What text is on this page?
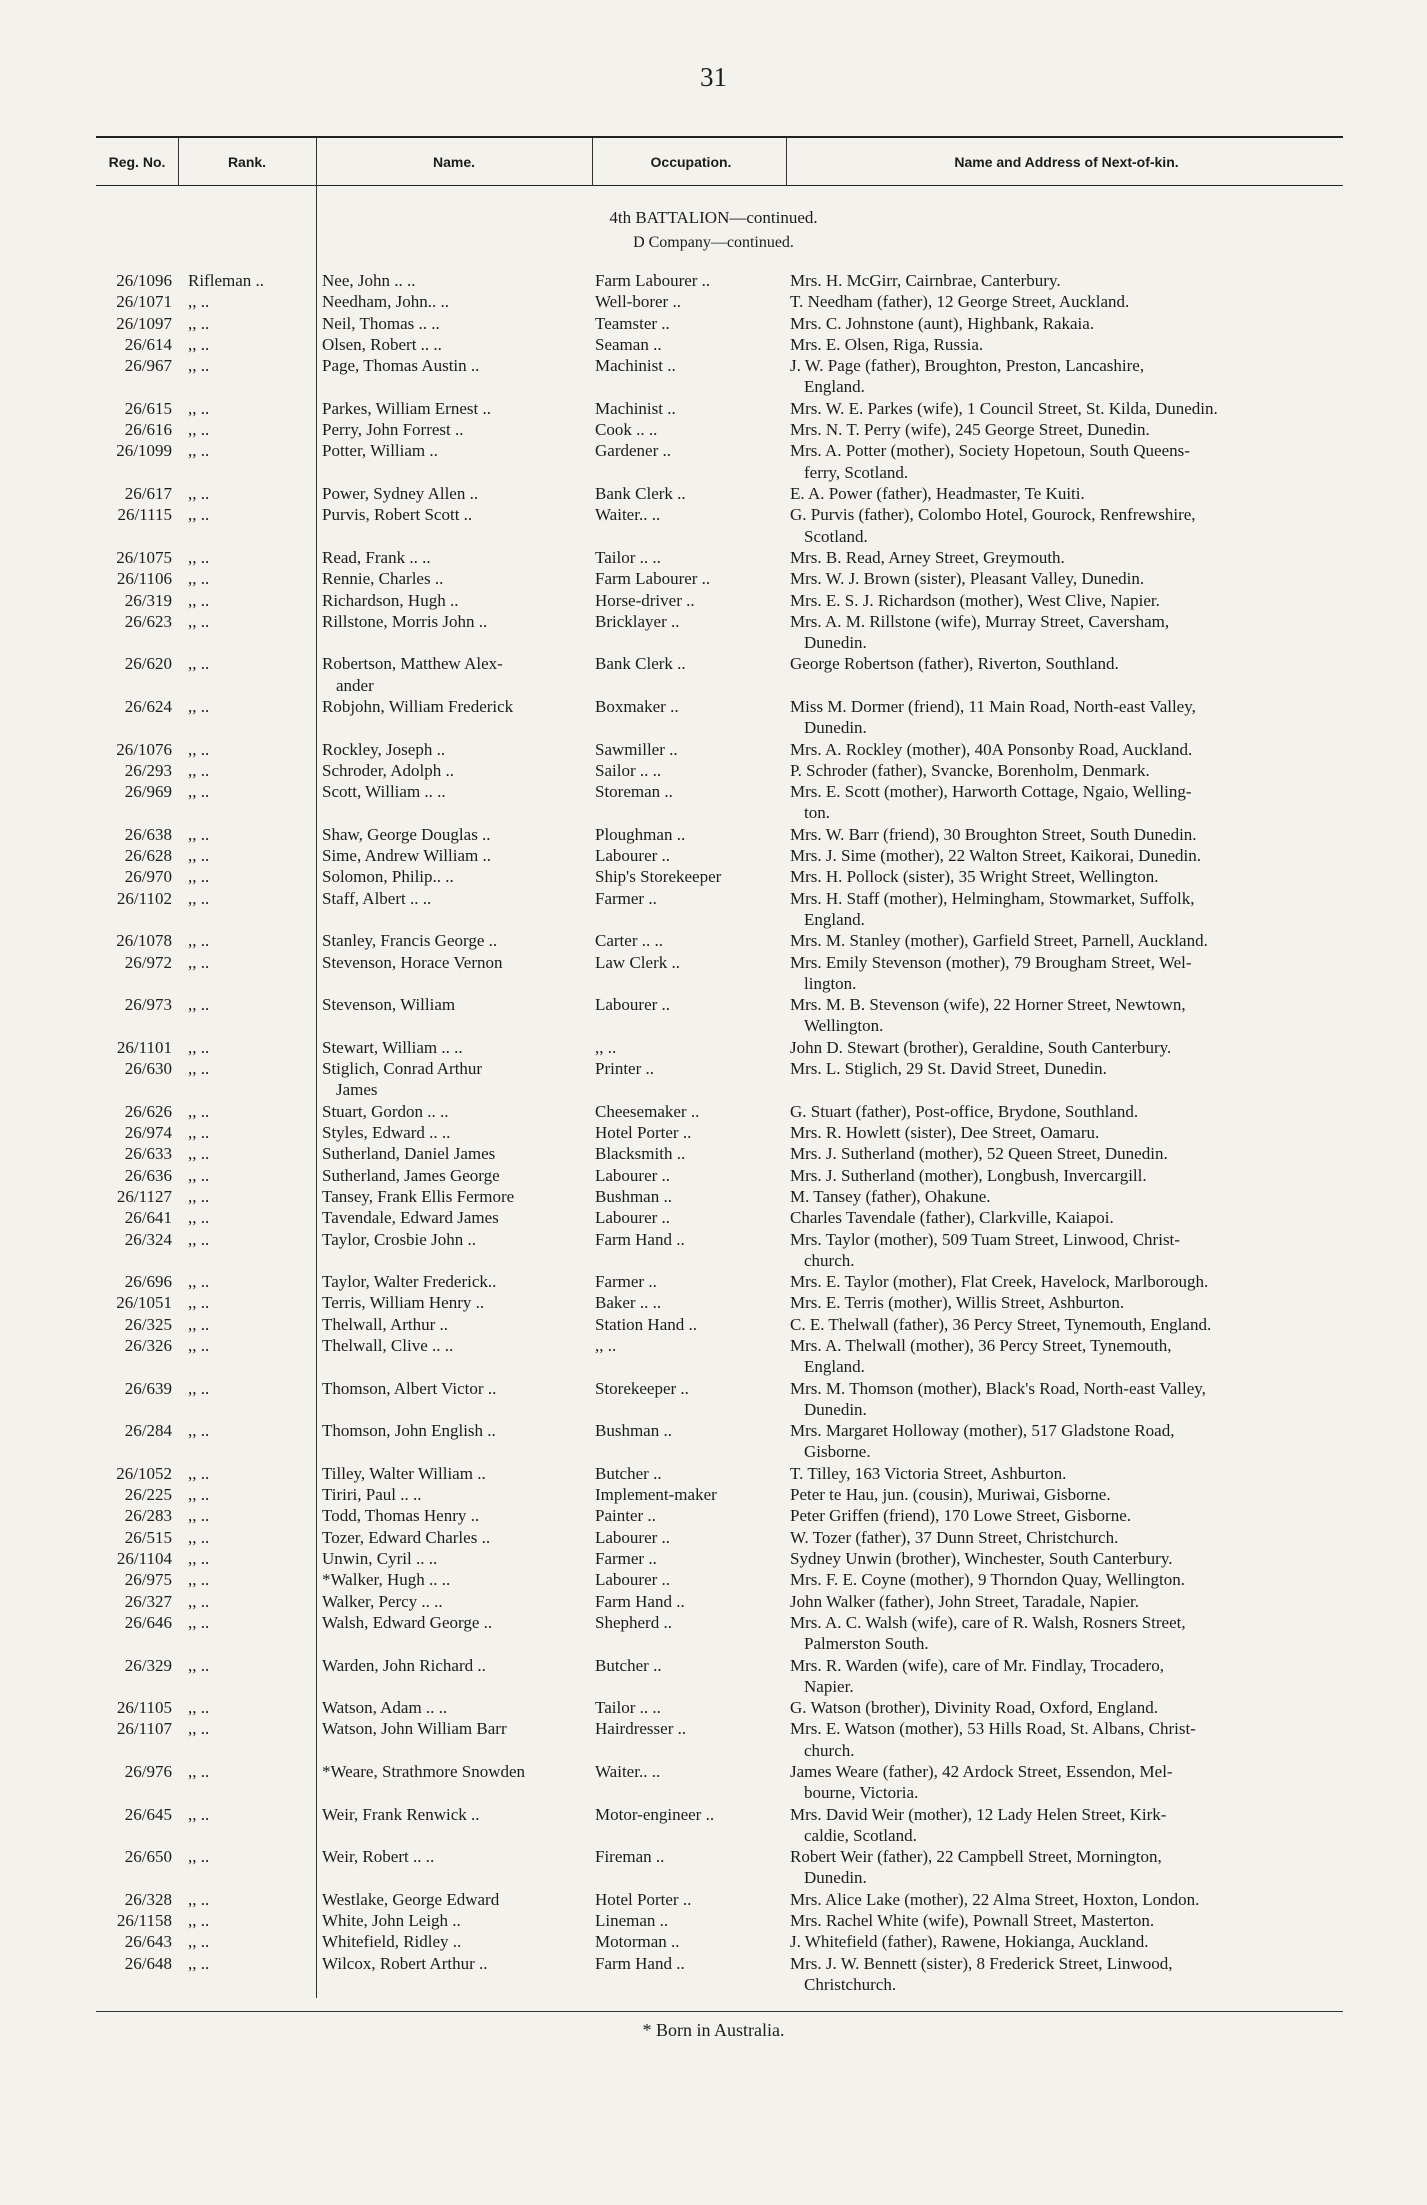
31
Reg. No.	Rank.	Name.	Occupation.	Name and Address of Next-of-kin.
4th BATTALION—continued.
D Company—continued.
26/1096 Rifleman ..	Nee, John .. ..	Farm Labourer ..	Mrs. H. McGirr, Cairnbrae, Canterbury.
26/1071 ,, ..	Needham, John.. ..	Well-borer ..	T. Needham (father), 12 George Street, Auckland.
26/1097 ,, ..	Neil, Thomas .. ..	Teamster ..	Mrs. C. Johnstone (aunt), Highbank, Rakaia.
26/614 ,, ..	Olsen, Robert .. ..	Seaman ..	Mrs. E. Olsen, Riga, Russia.
26/967 ,, ..	Page, Thomas Austin ..	Machinist ..	J. W. Page (father), Broughton, Preston, Lancashire,
England.
26/615 ,, ..	Parkes, William Ernest ..	Machinist ..	Mrs. W. E. Parkes (wife), 1 Council Street, St. Kilda, Dunedin.
26/616 ,, ..	Perry, John Forrest ..	Cook .. ..	Mrs. N. T. Perry (wife), 245 George Street, Dunedin.
26/1099 ,, ..	Potter, William ..	Gardener ..	Mrs. A. Potter (mother), Society Hopetoun, South Queens-
ferry, Scotland.
26/617 ,, ..	Power, Sydney Allen ..	Bank Clerk ..	E. A. Power (father), Headmaster, Te Kuiti.
26/1115 ,, ..	Purvis, Robert Scott ..	Waiter.. ..	G. Purvis (father), Colombo Hotel, Gourock, Renfrewshire,
Scotland.
26/1075 ,, ..	Read, Frank .. ..	Tailor .. ..	Mrs. B. Read, Arney Street, Greymouth.
26/1106 ,, ..	Rennie, Charles ..	Farm Labourer ..	Mrs. W. J. Brown (sister), Pleasant Valley, Dunedin.
26/319 ,, ..	Richardson, Hugh ..	Horse-driver ..	Mrs. E. S. J. Richardson (mother), West Clive, Napier.
26/623 ,, ..	Rillstone, Morris John ..	Bricklayer ..	Mrs. A. M. Rillstone (wife), Murray Street, Caversham,
Dunedin.
26/620 ,, ..	Robertson, Matthew Alex-
ander
Bank Clerk ..	George Robertson (father), Riverton, Southland.
26/624 ,, ..	Robjohn, William Frederick	Boxmaker ..	Miss M. Dormer (friend), 11 Main Road, North-east Valley,
Dunedin.
26/1076 ,, ..	Rockley, Joseph ..	Sawmiller ..	Mrs. A. Rockley (mother), 40A Ponsonby Road, Auckland.
26/293 ,, ..	Schroder, Adolph ..	Sailor .. ..	P. Schroder (father), Svancke, Borenholm, Denmark.
26/969 ,, ..	Scott, William .. ..	Storeman ..	Mrs. E. Scott (mother), Harworth Cottage, Ngaio, Welling-
ton.
26/638 ,, ..	Shaw, George Douglas ..	Ploughman ..	Mrs. W. Barr (friend), 30 Broughton Street, South Dunedin.
26/628 ,, ..	Sime, Andrew William ..	Labourer ..	Mrs. J. Sime (mother), 22 Walton Street, Kaikorai, Dunedin.
26/970 ,, ..	Solomon, Philip.. ..	Ship's Storekeeper	Mrs. H. Pollock (sister), 35 Wright Street, Wellington.
26/1102 ,, ..	Staff, Albert .. ..	Farmer ..	Mrs. H. Staff (mother), Helmingham, Stowmarket, Suffolk,
England.
26/1078 ,, ..	Stanley, Francis George ..	Carter .. ..	Mrs. M. Stanley (mother), Garfield Street, Parnell, Auckland.
26/972 ,, ..	Stevenson, Horace Vernon	Law Clerk ..	Mrs. Emily Stevenson (mother), 79 Brougham Street, Wel-
lington.
26/973 ,, ..	Stevenson, William	Labourer ..	Mrs. M. B. Stevenson (wife), 22 Horner Street, Newtown,
Wellington.
26/1101 ,, ..	Stewart, William .. ..	,, ..	John D. Stewart (brother), Geraldine, South Canterbury.
26/630 ,, ..	Stiglich, Conrad Arthur
James
Printer ..	Mrs. L. Stiglich, 29 St. David Street, Dunedin.
26/626 ,, ..	Stuart, Gordon .. ..	Cheesemaker ..	G. Stuart (father), Post-office, Brydone, Southland.
26/974 ,, ..	Styles, Edward .. ..	Hotel Porter ..	Mrs. R. Howlett (sister), Dee Street, Oamaru.
26/633 ,, ..	Sutherland, Daniel James	Blacksmith ..	Mrs. J. Sutherland (mother), 52 Queen Street, Dunedin.
26/636 ,, ..	Sutherland, James George	Labourer ..	Mrs. J. Sutherland (mother), Longbush, Invercargill.
26/1127 ,, ..	Tansey, Frank Ellis Fermore	Bushman ..	M. Tansey (father), Ohakune.
26/641 ,, ..	Tavendale, Edward James	Labourer ..	Charles Tavendale (father), Clarkville, Kaiapoi.
26/324 ,, ..	Taylor, Crosbie John ..	Farm Hand ..	Mrs. Taylor (mother), 509 Tuam Street, Linwood, Christ-
church.
26/696 ,, ..	Taylor, Walter Frederick..	Farmer ..	Mrs. E. Taylor (mother), Flat Creek, Havelock, Marlborough.
26/1051 ,, ..	Terris, William Henry ..	Baker .. ..	Mrs. E. Terris (mother), Willis Street, Ashburton.
26/325 ,, ..	Thelwall, Arthur ..	Station Hand ..	C. E. Thelwall (father), 36 Percy Street, Tynemouth, England.
26/326 ,, ..	Thelwall, Clive .. ..	,, ..	Mrs. A. Thelwall (mother), 36 Percy Street, Tynemouth,
England.
26/639 ,, ..	Thomson, Albert Victor ..	Storekeeper ..	Mrs. M. Thomson (mother), Black's Road, North-east Valley,
Dunedin.
26/284 ,, ..	Thomson, John English ..	Bushman ..	Mrs. Margaret Holloway (mother), 517 Gladstone Road,
Gisborne.
26/1052 ,, ..	Tilley, Walter William ..	Butcher ..	T. Tilley, 163 Victoria Street, Ashburton.
26/225 ,, ..	Tiriri, Paul .. ..	Implement-maker	Peter te Hau, jun. (cousin), Muriwai, Gisborne.
26/283 ,, ..	Todd, Thomas Henry ..	Painter ..	Peter Griffen (friend), 170 Lowe Street, Gisborne.
26/515 ,, ..	Tozer, Edward Charles ..	Labourer ..	W. Tozer (father), 37 Dunn Street, Christchurch.
26/1104 ,, ..	Unwin, Cyril .. ..	Farmer ..	Sydney Unwin (brother), Winchester, South Canterbury.
26/975 ,, ..	*Walker, Hugh .. ..	Labourer ..	Mrs. F. E. Coyne (mother), 9 Thorndon Quay, Wellington.
26/327 ,, ..	Walker, Percy .. ..	Farm Hand ..	John Walker (father), John Street, Taradale, Napier.
26/646 ,, ..	Walsh, Edward George ..	Shepherd ..	Mrs. A. C. Walsh (wife), care of R. Walsh, Rosners Street,
Palmerston South.
26/329 ,, ..	Warden, John Richard ..	Butcher ..	Mrs. R. Warden (wife), care of Mr. Findlay, Trocadero,
Napier.
26/1105 ,, ..	Watson, Adam .. ..	Tailor .. ..	G. Watson (brother), Divinity Road, Oxford, England.
26/1107 ,, ..	Watson, John William Barr	Hairdresser ..	Mrs. E. Watson (mother), 53 Hills Road, St. Albans, Christ-
church.
26/976 ,, ..	*Weare, Strathmore Snowden	Waiter.. ..	James Weare (father), 42 Ardock Street, Essendon, Mel-
bourne, Victoria.
26/645 ,, ..	Weir, Frank Renwick ..	Motor-engineer ..	Mrs. David Weir (mother), 12 Lady Helen Street, Kirk-
caldie, Scotland.
26/650 ,, ..	Weir, Robert .. ..	Fireman ..	Robert Weir (father), 22 Campbell Street, Mornington,
Dunedin.
26/328 ,, ..	Westlake, George Edward	Hotel Porter ..	Mrs. Alice Lake (mother), 22 Alma Street, Hoxton, London.
26/1158 ,, ..	White, John Leigh ..	Lineman ..	Mrs. Rachel White (wife), Pownall Street, Masterton.
26/643 ,, ..	Whitefield, Ridley ..	Motorman ..	J. Whitefield (father), Rawene, Hokianga, Auckland.
26/648 ,, ..	Wilcox, Robert Arthur ..	Farm Hand ..	Mrs. J. W. Bennett (sister), 8 Frederick Street, Linwood,
Christchurch.
* Born in Australia.
